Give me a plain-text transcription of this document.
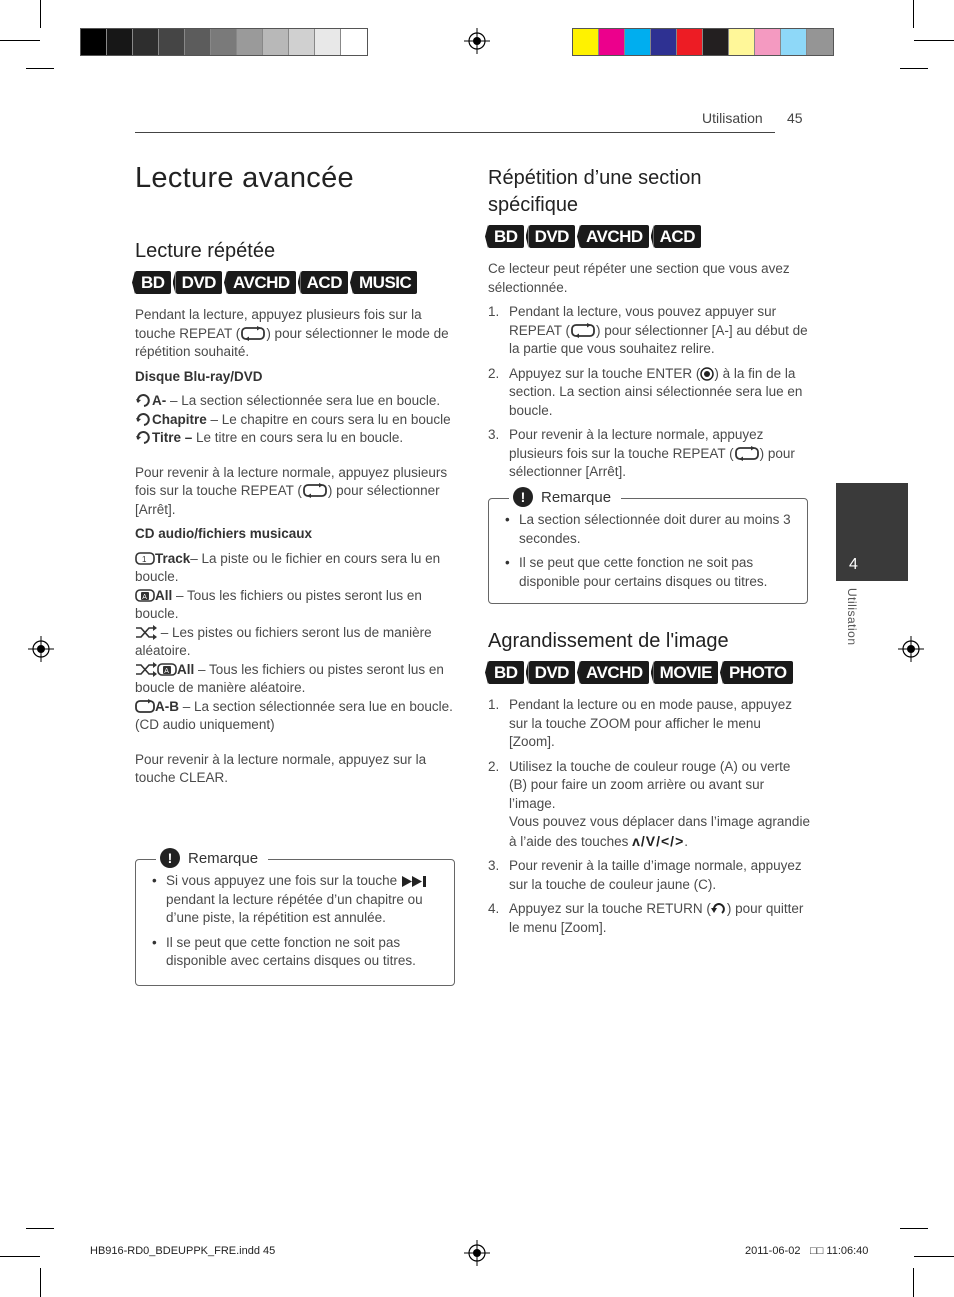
Utilisation 45
Lecture avancée
Lecture répétée
BD	DVD	AVCHD	ACD	MUSIC

Pendant la lecture, appuyez plusieurs fois sur la touche REPEAT ( ) pour sélectionner le mode de répétition souhaité.

Disque Blu-ray/DVD

A- – La section sélectionnée sera lue en boucle.

Chapitre – Le chapitre en cours sera lu en boucle

Titre – Le titre en cours sera lu en boucle.

Pour revenir à la lecture normale, appuyez plusieurs fois sur la touche REPEAT ( ) pour sélectionner [Arrêt].

CD audio/fichiers musicaux

1 Track– La piste ou le fichier en cours sera lu en boucle.

A All – Tous les fichiers ou pistes seront lus en boucle.

– Les pistes ou fichiers seront lus de manière aléatoire.

A All – Tous les fichiers ou pistes seront lus en boucle de manière aléatoire.

A-B – La section sélectionnée sera lue en boucle. (CD audio uniquement)

Pour revenir à la lecture normale, appuyez sur la touche CLEAR.

!	Remarque
• Si vous appuyez une fois sur la touche  pendant la lecture répétée d’un chapitre ou d’une piste, la répétition est annulée.
• Il se peut que cette fonction ne soit pas disponible avec certains disques ou titres.
Répétition d’une section spécifique
BD	DVD	AVCHD	ACD

Ce lecteur peut répéter une section que vous avez sélectionnée.

1. Pendant la lecture, vous pouvez appuyer sur REPEAT ( ) pour sélectionner [A-] au début de la partie que vous souhaitez relire.
2. Appuyez sur la touche ENTER ( ) à la fin de la section. La section ainsi sélectionnée sera lue en boucle.
3. Pour revenir à la lecture normale, appuyez plusieurs fois sur la touche REPEAT ( ) pour sélectionner [Arrêt].
!	Remarque
• La section sélectionnée doit durer au moins 3 secondes.
• Il se peut que cette fonction ne soit pas disponible pour certains disques ou titres.
Agrandissement de l'image
BD	DVD	AVCHD	MOVIE	PHOTO
1. Pendant la lecture ou en mode pause, appuyez sur la touche ZOOM pour afficher le menu [Zoom].
2. Utilisez la touche de couleur rouge (A) ou verte (B) pour faire un zoom arrière ou avant sur l’image.
Vous pouvez vous déplacer dans l’image agrandie à l’aide des touches ʌ/V/</>.
3. Pour revenir à la taille d’image normale, appuyez sur la touche de couleur jaune (C).
4. Appuyez sur la touche RETURN ( ) pour quitter le menu [Zoom].
4
Utilisation
HB916-RD0_BDEUPPK_FRE.indd 45	2011-06-02 □□ 11:06:40
